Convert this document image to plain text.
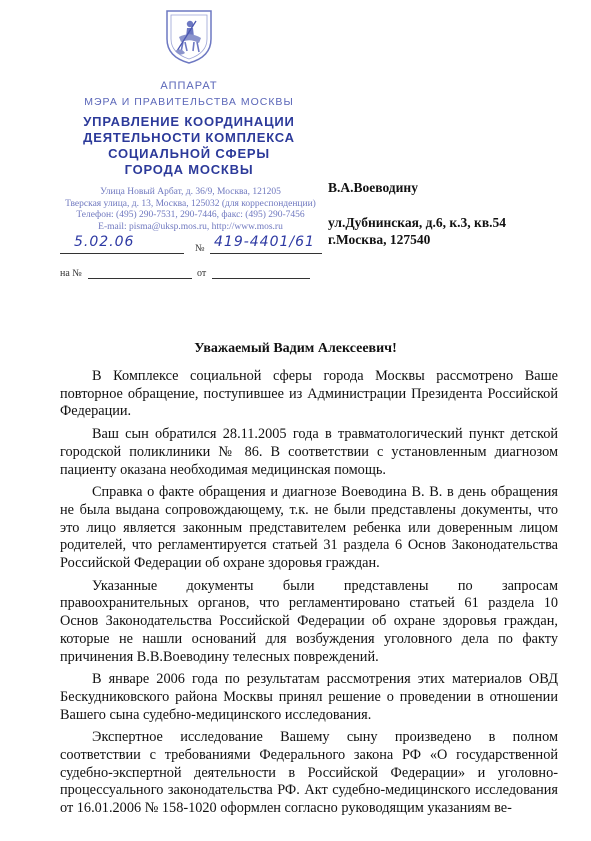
АППАРАТ
МЭРА И ПРАВИТЕЛЬСТВА МОСКВЫ
УПРАВЛЕНИЕ КООРДИНАЦИИ
ДЕЯТЕЛЬНОСТИ КОМПЛЕКСА
СОЦИАЛЬНОЙ СФЕРЫ
ГОРОДА МОСКВЫ
Улица Новый Арбат, д. 36/9, Москва, 121205
Тверская улица, д. 13, Москва, 125032 (для корреспонденции)
Телефон: (495) 290-7531, 290-7446, факс: (495) 290-7456
E-mail: pisma@uksp.mos.ru, http://www.mos.ru
5.02.06	№ 419-4401/61
на №	от
В.А.Воеводину
ул.Дубнинская, д.6, к.3, кв.54
г.Москва, 127540
Уважаемый Вадим Алексеевич!

В Комплексе социальной сферы города Москвы рассмотрено Ваше повторное обращение, поступившее из Администрации Президента Российской Федерации.

Ваш сын обратился 28.11.2005 года в травматологический пункт детской городской поликлиники № 86. В соответствии с установленным диагнозом пациенту оказана необходимая медицинская помощь.

Справка о факте обращения и диагнозе Воеводина В. В. в день обращения не была выдана сопровождающему, т.к. не были представлены документы, что это лицо является законным представителем ребенка или доверенным лицом родителей, что регламентируется статьей 31 раздела 6 Основ Законодательства Российской Федерации об охране здоровья граждан.

Указанные документы были представлены по запросам правоохранительных органов, что регламентировано статьей 61 раздела 10 Основ Законодательства Российской Федерации об охране здоровья граждан, которые не нашли оснований для возбуждения уголовного дела по факту причинения В.В.Воеводину телесных повреждений.

В январе 2006 года по результатам рассмотрения этих материалов ОВД Бескудниковского района Москвы принял решение о проведении в отношении Вашего сына судебно-медицинского исследования.

Экспертное исследование Вашему сыну произведено в полном соответствии с требованиями Федерального закона РФ «О государственной судебно-экспертной деятельности в Российской Федерации» и уголовно-процессуального законодательства РФ. Акт судебно-медицинского исследования от 16.01.2006 № 158-1020 оформлен согласно руководящим указаниям ве-
